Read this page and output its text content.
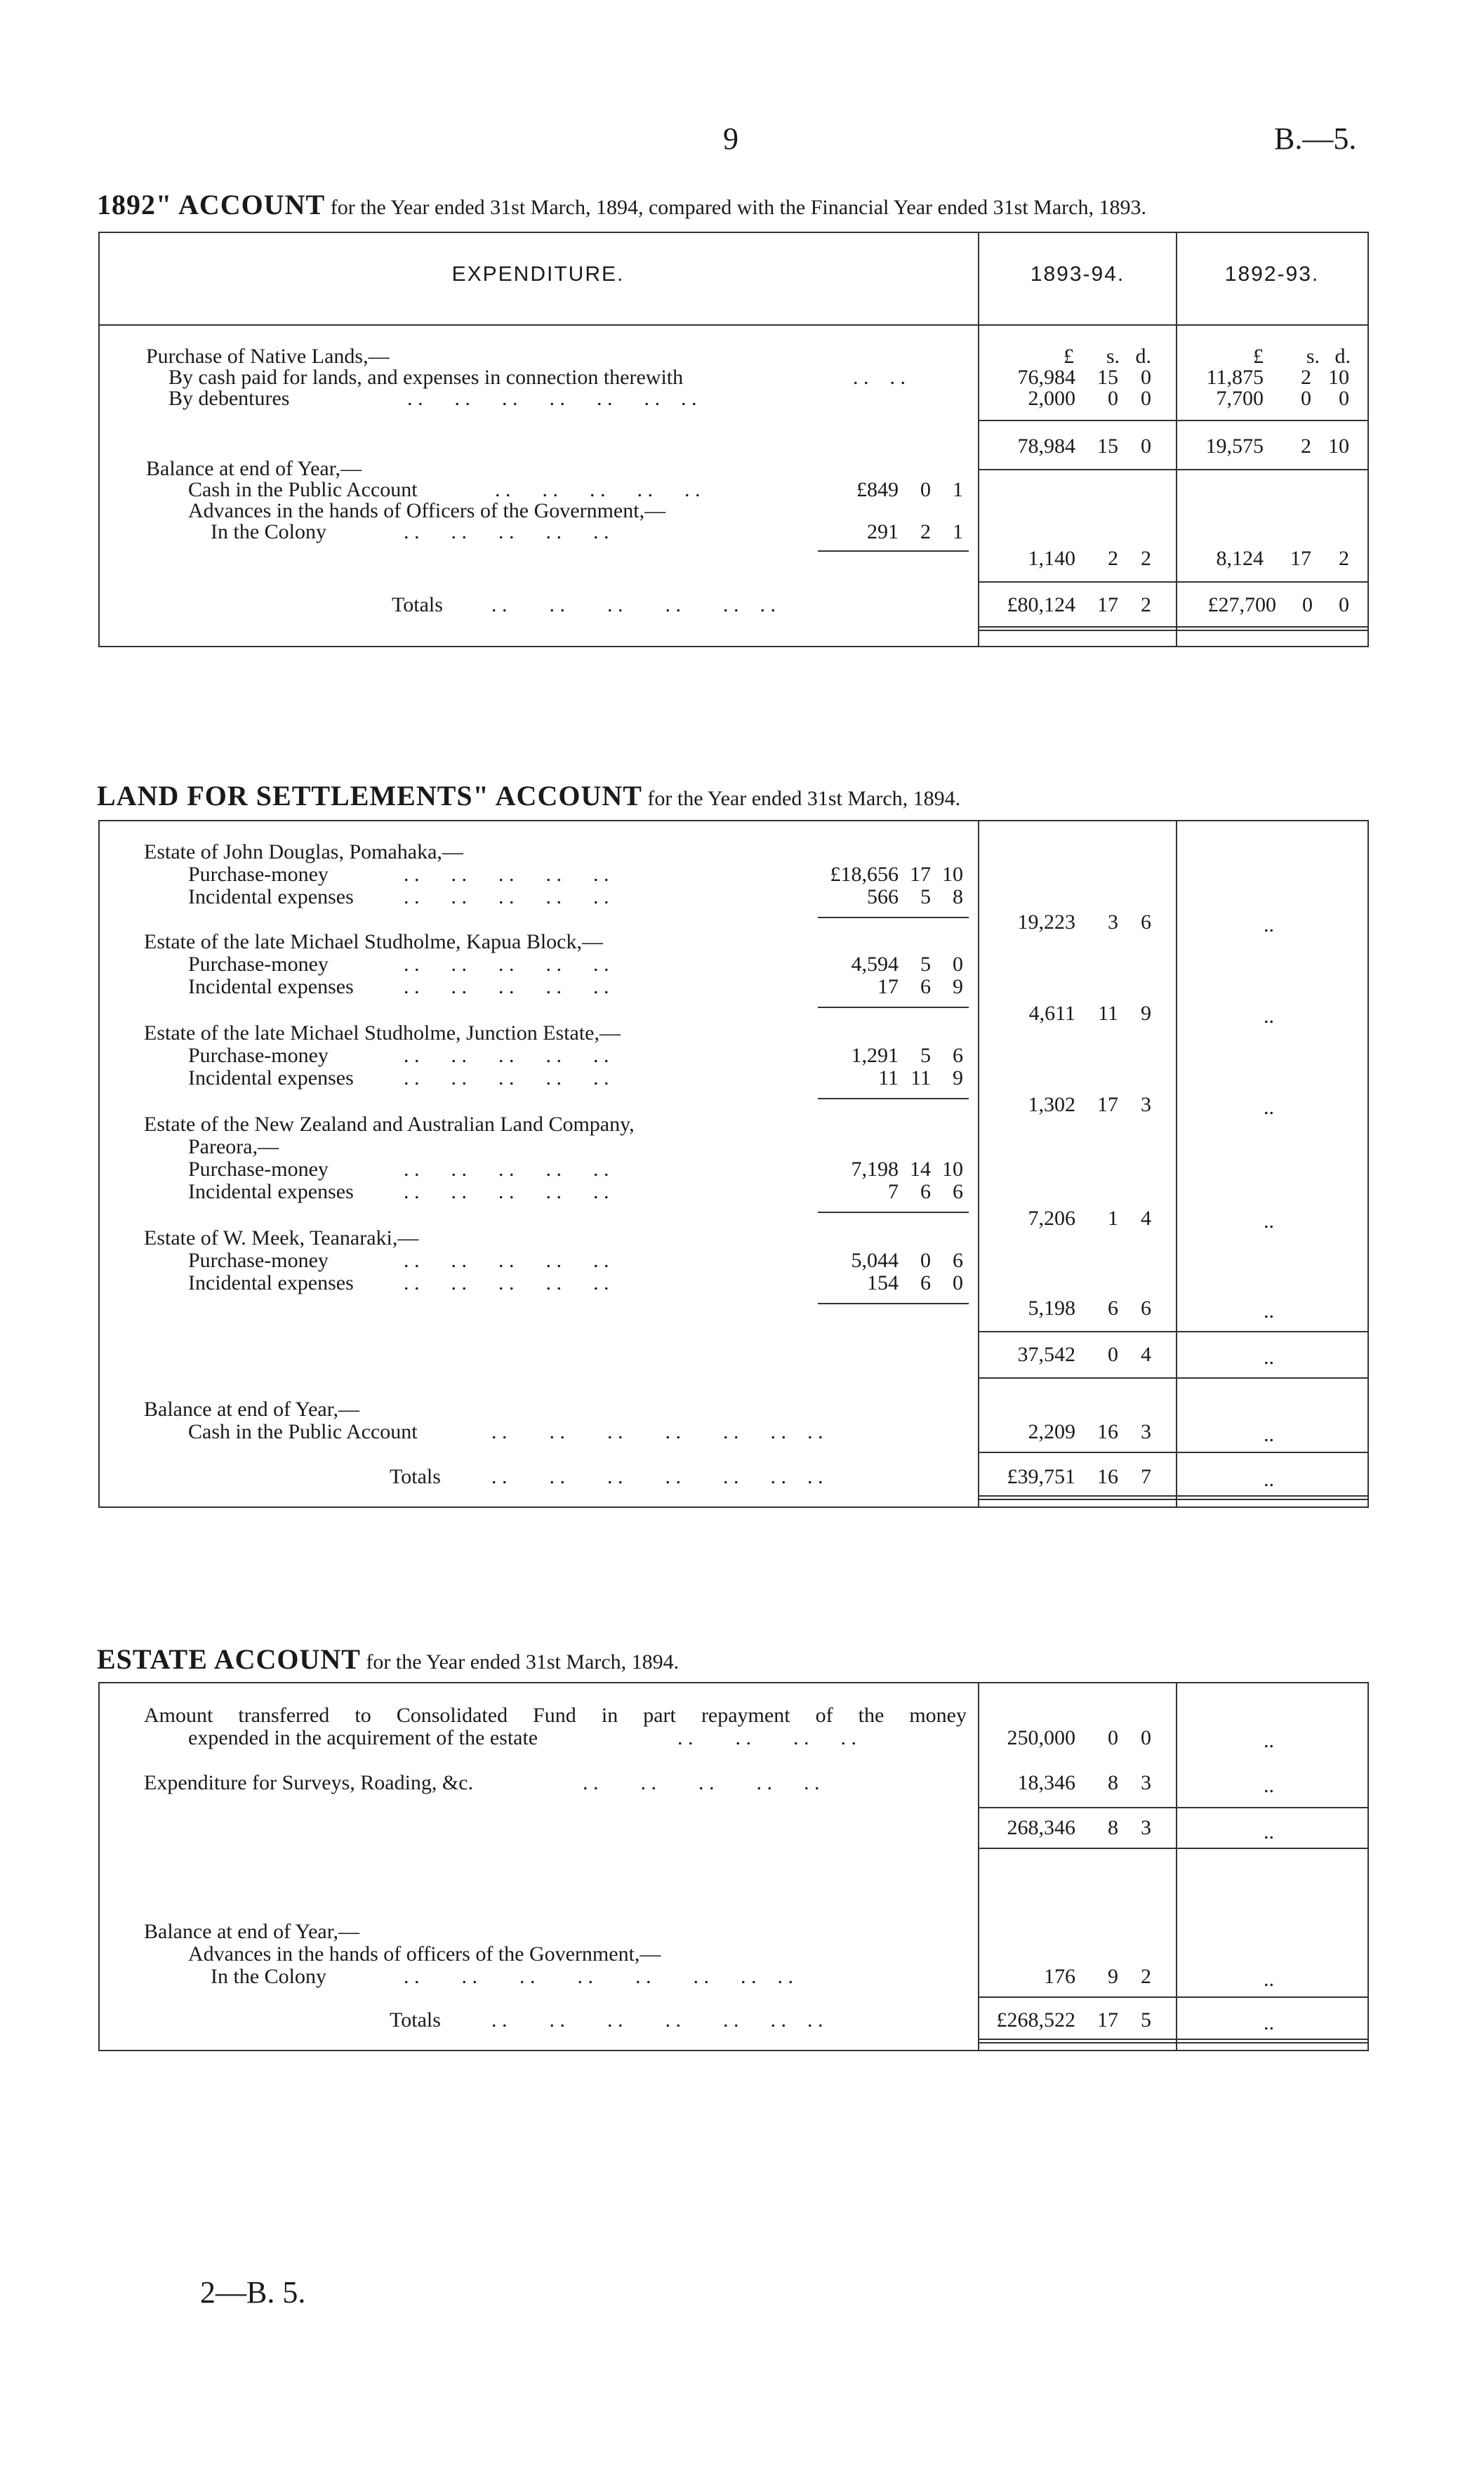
9	B.—5.
1892" ACCOUNT for the Year ended 31st March, 1894, compared with the Financial Year ended 31st March, 1893.
EXPENDITURE.	1893-94.	1892-93.
£	s. d.	£	s. d.
Purchase of Native Lands,—
By cash paid for lands, and expenses in connection therewith	. .    . .	76,984	15	0	11,875	2 10
By debentures	. .      . .      . .      . .      . .      . .    . .	2,000	0	0	7,700	0	0
78,984	15	0	19,575	2 10
Balance at end of Year,—
Cash in the Public Account	. .      . .      . .      . .      . .	£849	0	1
Advances in the hands of Officers of the Government,—
In the Colony	. .      . .      . .      . .      . .	291	2	1
1,140	2	2	8,124	17	2
Totals . .        . .        . .        . .        . .    . .	£80,124	17	2	£27,700	0	0
LAND FOR SETTLEMENTS" ACCOUNT for the Year ended 31st March, 1894.
Estate of John Douglas, Pomahaka,—
Purchase-money	. .      . .      . .      . .      . .	£18,656 17 10
Incidental expenses . .      . .      . .      . .      . .	566	5	8
19,223	3	6	..
Estate of the late Michael Studholme, Kapua Block,—
Purchase-money	. .      . .      . .      . .      . .	4,594	5	0
Incidental expenses . .      . .      . .      . .      . .	17	6	9
4,611	11	9	..
Estate of the late Michael Studholme, Junction Estate,—
Purchase-money	. .      . .      . .      . .      . .	1,291	5	6
Incidental expenses . .      . .      . .      . .      . .	11 11	9
1,302	17	3	..
Estate of the New Zealand and Australian Land Company,
Pareora,—
Purchase-money	. .      . .      . .      . .      . .	7,198 14 10
Incidental expenses . .      . .      . .      . .      . .	7	6	6
7,206	1	4	..
Estate of W. Meek, Teanaraki,—
Purchase-money	. .      . .      . .      . .      . .	5,044	0	6
Incidental expenses . .      . .      . .      . .      . .	154	6	0
5,198	6	6	..
37,542	0	4	..
Balance at end of Year,—
Cash in the Public Account	. .        . .        . .        . .        . .      . .    . .	2,209	16	3	..
Totals . .        . .        . .        . .        . .      . .    . .	£39,751	16	7	..
ESTATE ACCOUNT for the Year ended 31st March, 1894.
Amount transferred to Consolidated Fund in part repayment of the money
expended in the acquirement of the estate	. .        . .        . .      . .	250,000	0	0	..
Expenditure for Surveys, Roading, &c.	. .        . .        . .        . .      . .	18,346	8	3	..
268,346	8	3	..
Balance at end of Year,—
Advances in the hands of officers of the Government,—
In the Colony	. .        . .        . .        . .        . .        . .      . .    . .	176	9	2	..
Totals . .        . .        . .        . .        . .      . .    . .	£268,522	17	5	..
2—B. 5.
